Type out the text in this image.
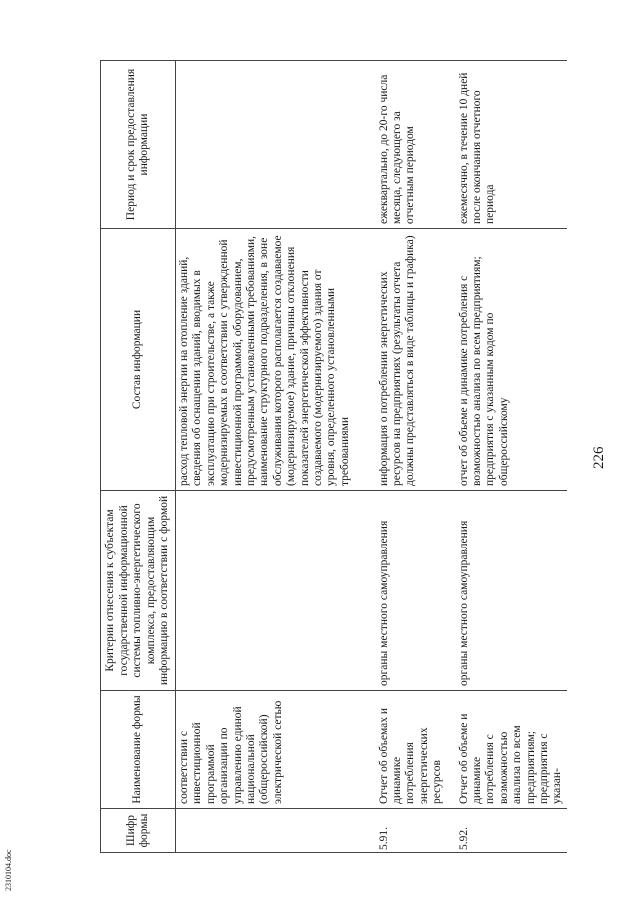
226
2310104.doc
Шифр формы	Наименование формы	Критерии отнесения к субъектам государственной информационной системы топливно-энергетического комплекса, предоставляющим информацию в соответствии с формой	Состав информации	Период и срок предоставления информации
	соответствии с инвестиционной программой организации по управлению единой национальной (общероссийской) электрической сетью		расход тепловой энергии на отопление зданий, сведения об оснащении зданий, вводимых в эксплуатацию при строительстве, а также модернизируемых в соответствии с утвержденной инвестиционной программой, оборудованием, предусмотренным установленными требованиями, наименование структурного подразделения, в зоне обслуживания которого располагается создаваемое (модернизируемое) здание, причины отклонения показателей энергетической эффективности создаваемого (модернизируемого) здания от уровня, определенного установленными требованиями	
5.91.	Отчет об объемах и динамике потребления энергетических ресурсов	органы местного самоуправления	информация о потреблении энергетических ресурсов на предприятиях (результаты отчета должны представляться в виде таблицы и графика)	ежеквартально, до 20-го числа месяца, следующего за отчетным периодом
5.92.	Отчет об объеме и динамике потребления с возможностью анализа по всем предприятиям; предприятия с указан-	органы местного самоуправления	отчет об объеме и динамике потребления с возможностью анализа по всем предприятиям; предприятия с указанным кодом по общероссийскому	ежемесячно, в течение 10 дней после окончания отчетного периода
